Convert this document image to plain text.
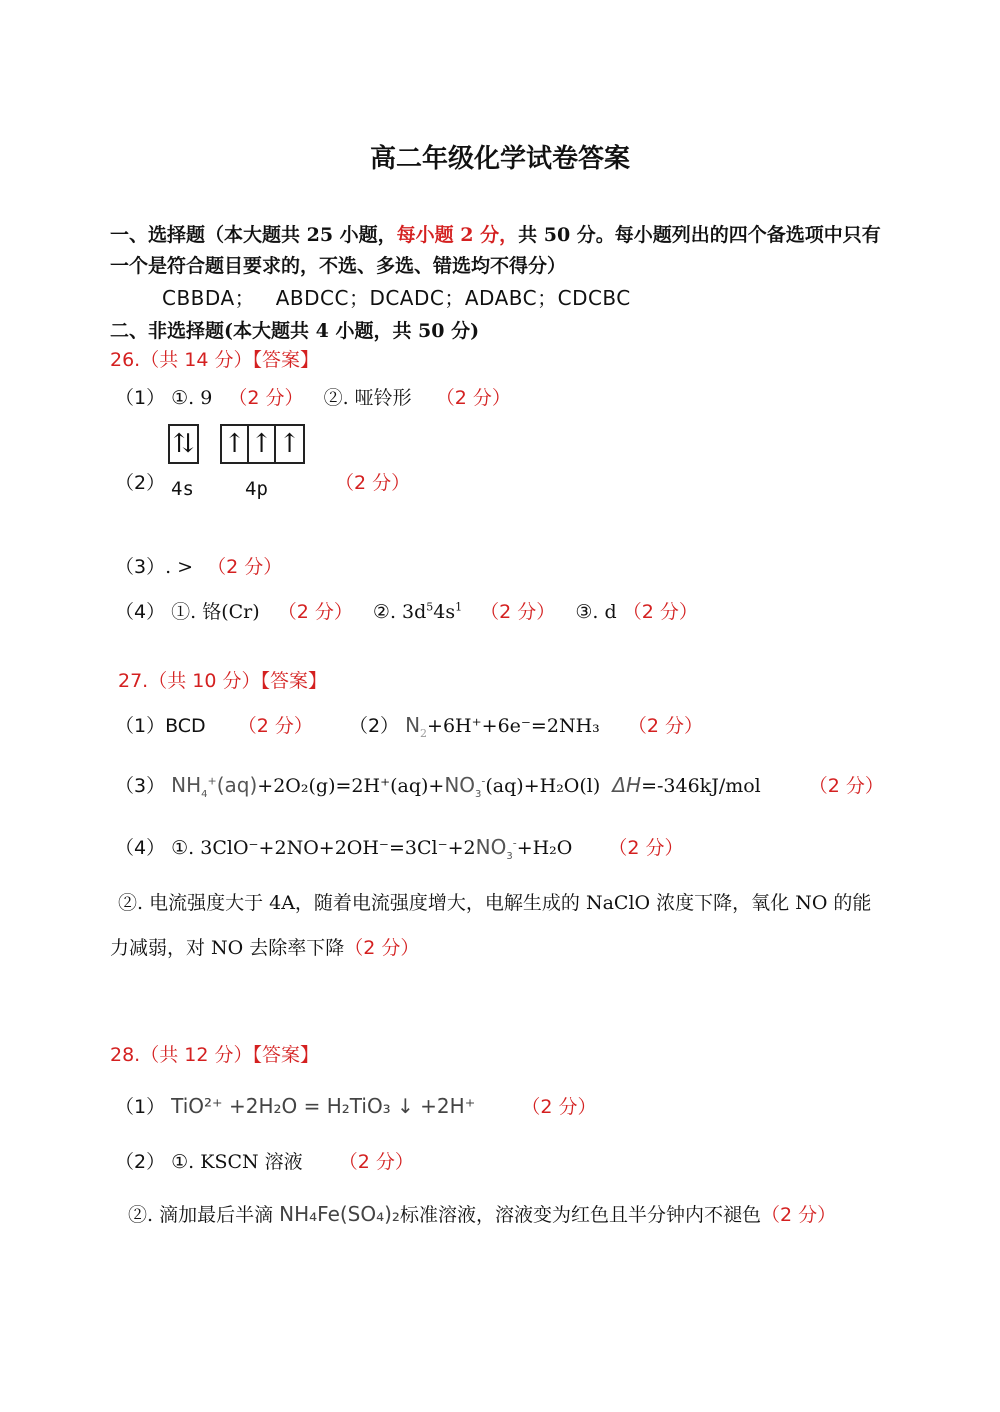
高二年级化学试卷答案
一、选择题（本大题共 25 小题，每小题 2 分，共 50 分。每小题列出的四个备选项中只有
一个是符合题目要求的，不选、多选、错选均不得分）
CBBDA；   ABDCC；DCADC；ADABC；CDCBC
二、非选择题(本大题共 4 小题，共 50 分)
26.（共 14 分）【答案】
（1） ①. 9 （2 分） ②. 哑铃形 （2 分）
（2）
⇅ ↑ ↑ ↑
4s	4p	（2 分）
（3）. > （2 分）
（4） ①. 铬(Cr) （2 分） ②. $3d^54s^1$ （2 分） ③. d （2 分）
27.（共 10 分）【答案】
（1）BCD （2 分） （2） $N_2+6H^++6e^-=2NH_3$ （2 分）
（3） $NH_4^+(aq)+2O_2(g)=2H^+(aq)+NO_3^-(aq)+H_2O(l)$ ΔH=-346kJ/mol	（2 分）
（4） ①. $3ClO^-+2NO+2OH^-=3Cl^-+2NO_3^-+H_2O$ （2 分）
②. 电流强度大于 4A，随着电流强度增大，电解生成的 NaClO 浓度下降，氧化 NO 的能
力减弱，对 NO 去除率下降（2 分）
28.（共 12 分）【答案】
（1） TiO²⁺ +2H₂O = H₂TiO₃ ↓ +2H⁺ （2 分）
（2） ①. KSCN 溶液 （2 分）
②. 滴加最后半滴 NH₄Fe(SO₄)₂标准溶液，溶液变为红色且半分钟内不褪色（2 分）
